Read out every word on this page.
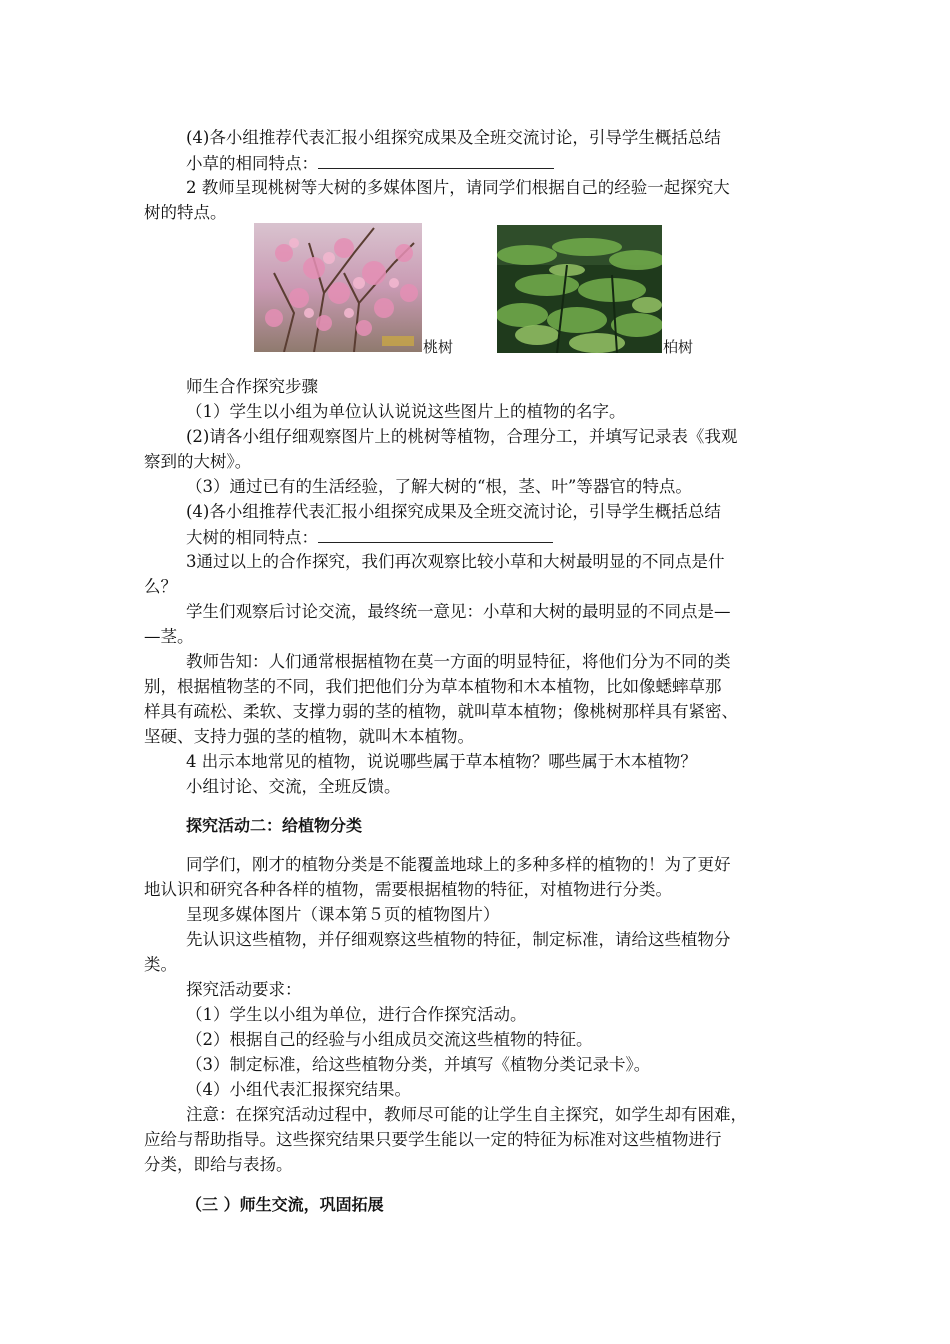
(4)各小组推荐代表汇报小组探究成果及全班交流讨论，引导学生概括总结
小草的相同特点：
2 教师呈现桃树等大树的多媒体图片，请同学们根据自己的经验一起探究大
树的特点。
桃树	柏树
师生合作探究步骤
（1）学生以小组为单位认认说说这些图片上的植物的名字。
(2)请各小组仔细观察图片上的桃树等植物，合理分工，并填写记录表《我观
察到的大树》。
（3）通过已有的生活经验，了解大树的“根，茎、叶”等器官的特点。
(4)各小组推荐代表汇报小组探究成果及全班交流讨论，引导学生概括总结
大树的相同特点：
3通过以上的合作探究，我们再次观察比较小草和大树最明显的不同点是什
么？
学生们观察后讨论交流，最终统一意见：小草和大树的最明显的不同点是—
—茎。
教师告知：人们通常根据植物在莫一方面的明显特征，将他们分为不同的类
别，根据植物茎的不同，我们把他们分为草本植物和木本植物，比如像蟋蟀草那
样具有疏松、柔软、支撑力弱的茎的植物，就叫草本植物；像桃树那样具有紧密、
坚硬、支持力强的茎的植物，就叫木本植物。
4 出示本地常见的植物，说说哪些属于草本植物？哪些属于木本植物？
小组讨论、交流，全班反馈。
探究活动二：给植物分类
同学们，刚才的植物分类是不能覆盖地球上的多种多样的植物的！为了更好
地认识和研究各种各样的植物，需要根据植物的特征，对植物进行分类。
呈现多媒体图片（课本第５页的植物图片）
先认识这些植物，并仔细观察这些植物的特征，制定标准，请给这些植物分
类。
探究活动要求：
（1）学生以小组为单位，进行合作探究活动。
（2）根据自己的经验与小组成员交流这些植物的特征。
（3）制定标准，给这些植物分类，并填写《植物分类记录卡》。
（4）小组代表汇报探究结果。
注意：在探究活动过程中，教师尽可能的让学生自主探究，如学生却有困难，
应给与帮助指导。这些探究结果只要学生能以一定的特征为标准对这些植物进行
分类，即给与表扬。
（三 ）师生交流，巩固拓展
